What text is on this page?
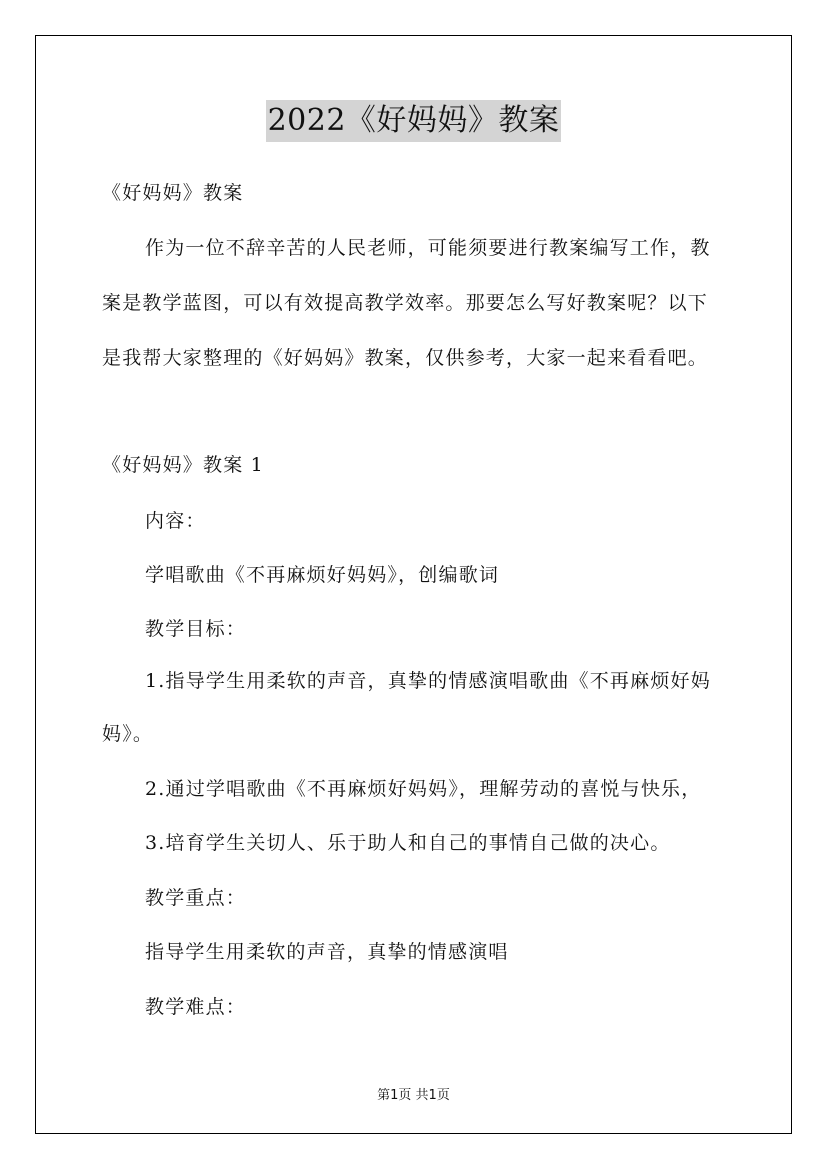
2022《好妈妈》教案
《好妈妈》教案
作为一位不辞辛苦的人民老师，可能须要进行教案编写工作，教
案是教学蓝图，可以有效提高教学效率。那要怎么写好教案呢？以下
是我帮大家整理的《好妈妈》教案，仅供参考，大家一起来看看吧。
《好妈妈》教案 1
内容：
学唱歌曲《不再麻烦好妈妈》，创编歌词
教学目标：
1.指导学生用柔软的声音，真挚的情感演唱歌曲《不再麻烦好妈
妈》。
2.通过学唱歌曲《不再麻烦好妈妈》，理解劳动的喜悦与快乐，
3.培育学生关切人、乐于助人和自己的事情自己做的决心。
教学重点：
指导学生用柔软的声音，真挚的情感演唱
教学难点：
第1页 共1页
